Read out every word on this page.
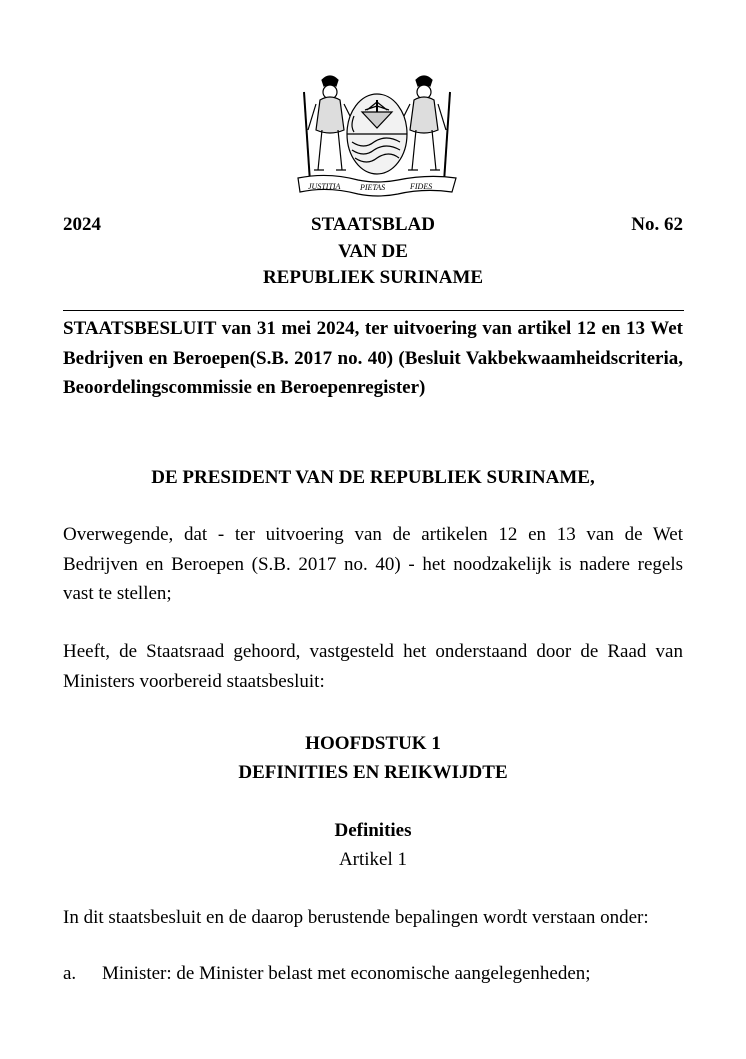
JUSTITIA PIETAS	FIDES
2024	No. 62
STAATSBLAD
VAN DE
REPUBLIEK SURINAME
STAATSBESLUIT van 31 mei 2024, ter uitvoering van artikel 12 en 13 Wet Bedrijven en Beroepen(S.B. 2017 no. 40) (Besluit Vakbekwaamheidscriteria, Beoordelingscommissie en Beroepenregister)
DE PRESIDENT VAN DE REPUBLIEK SURINAME,
Overwegende, dat - ter uitvoering van de artikelen 12 en 13 van de Wet Bedrijven en Beroepen (S.B. 2017 no. 40) - het noodzakelijk is nadere regels vast te stellen;
Heeft, de Staatsraad gehoord, vastgesteld het onderstaand door de Raad van Ministers voorbereid staatsbesluit:
HOOFDSTUK 1
DEFINITIES EN REIKWIJDTE
Definities
Artikel 1
In dit staatsbesluit en de daarop berustende bepalingen wordt verstaan onder:
a. Minister: de Minister belast met economische aangelegenheden;
